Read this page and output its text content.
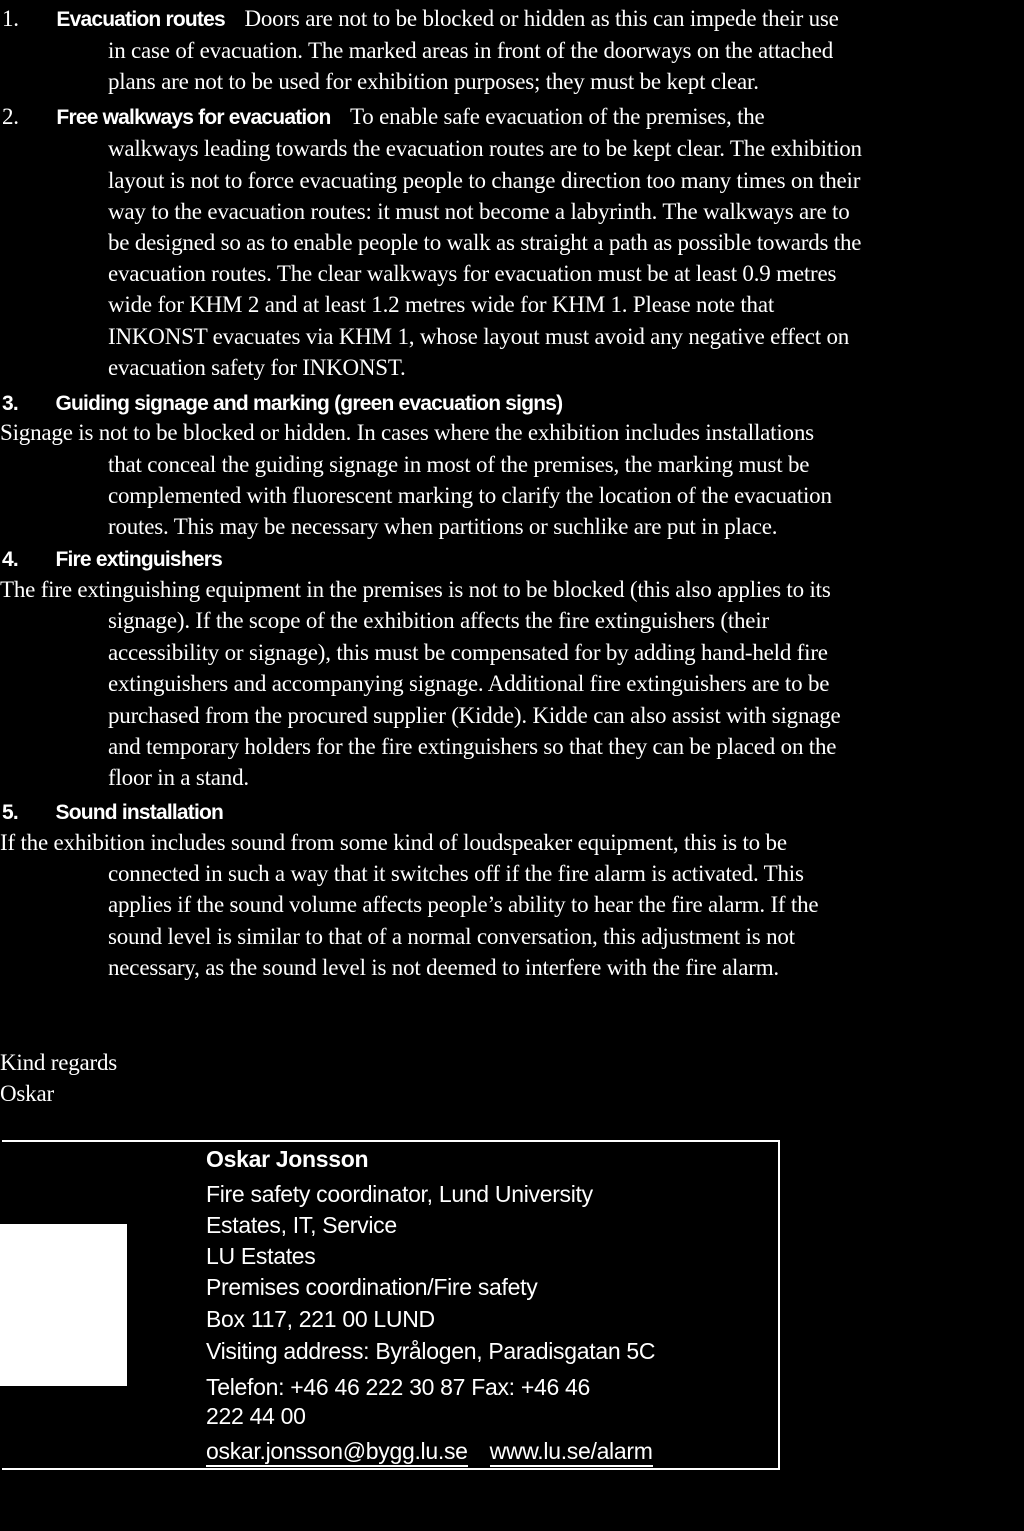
1. Evacuation routes Doors are not to be blocked or hidden as this can impede their use
in case of evacuation. The marked areas in front of the doorways on the attached
plans are not to be used for exhibition purposes; they must be kept clear.
2. Free walkways for evacuation To enable safe evacuation of the premises, the
walkways leading towards the evacuation routes are to be kept clear. The exhibition
layout is not to force evacuating people to change direction too many times on their
way to the evacuation routes: it must not become a labyrinth. The walkways are to
be designed so as to enable people to walk as straight a path as possible towards the
evacuation routes. The clear walkways for evacuation must be at least 0.9 metres
wide for KHM 2 and at least 1.2 metres wide for KHM 1. Please note that
INKONST evacuates via KHM 1, whose layout must avoid any negative effect on
evacuation safety for INKONST.
3. Guiding signage and marking (green evacuation signs)
Signage is not to be blocked or hidden. In cases where the exhibition includes installations
that conceal the guiding signage in most of the premises, the marking must be
complemented with fluorescent marking to clarify the location of the evacuation
routes. This may be necessary when partitions or suchlike are put in place.
4. Fire extinguishers
The fire extinguishing equipment in the premises is not to be blocked (this also applies to its
signage). If the scope of the exhibition affects the fire extinguishers (their
accessibility or signage), this must be compensated for by adding hand-held fire
extinguishers and accompanying signage. Additional fire extinguishers are to be
purchased from the procured supplier (Kidde). Kidde can also assist with signage
and temporary holders for the fire extinguishers so that they can be placed on the
floor in a stand.
5. Sound installation
If the exhibition includes sound from some kind of loudspeaker equipment, this is to be
connected in such a way that it switches off if the fire alarm is activated. This
applies if the sound volume affects people’s ability to hear the fire alarm. If the
sound level is similar to that of a normal conversation, this adjustment is not
necessary, as the sound level is not deemed to interfere with the fire alarm.
Kind regards
Oskar
Oskar Jonsson
Fire safety coordinator, Lund University
Estates, IT, Service
LU Estates
Premises coordination/Fire safety
Box 117, 221 00 LUND
Visiting address: Byrålogen, Paradisgatan 5C
Telefon: +46 46 222 30 87 Fax: +46 46
222 44 00
oskar.jonsson@bygg.lu.se www.lu.se/alarm
